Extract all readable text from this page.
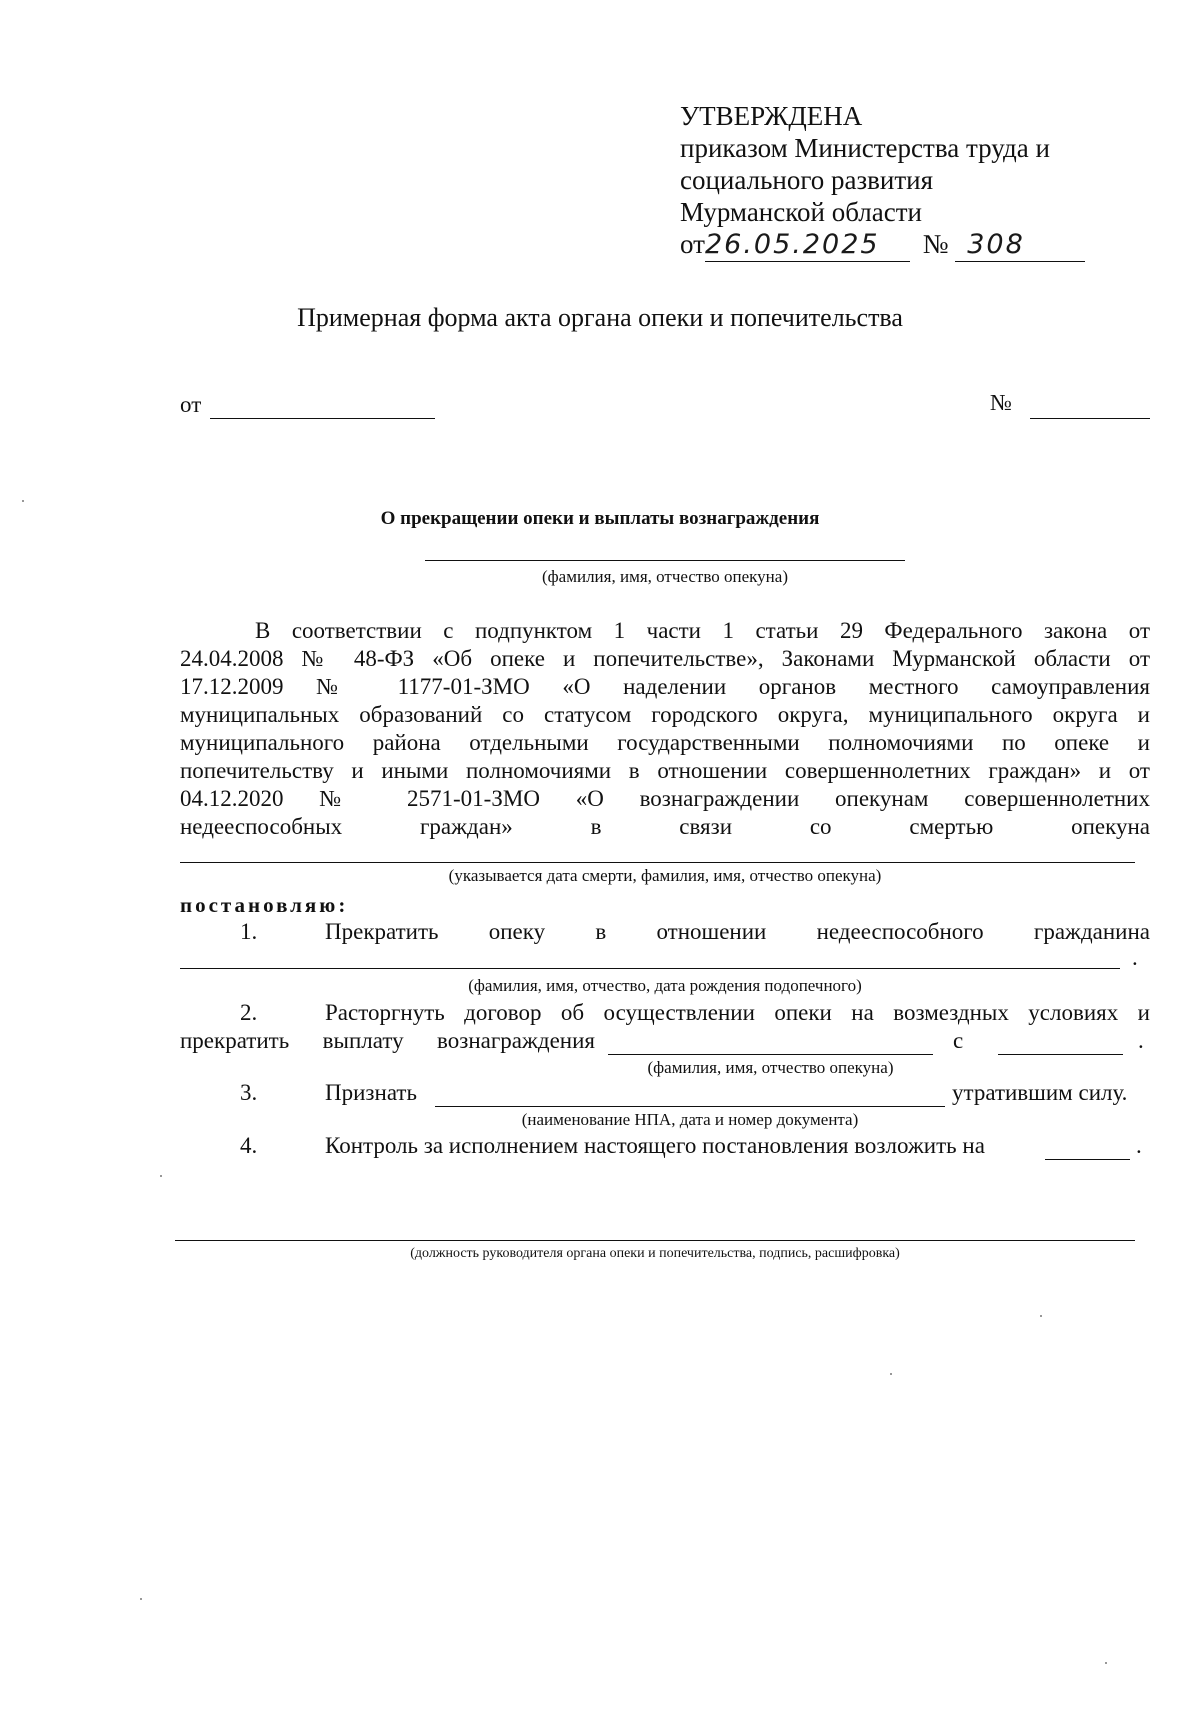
УТВЕРЖДЕНА
приказом Министерства труда и
социального развития
Мурманской области
от26.05.2025 № 308
Примерная форма акта органа опеки и попечительства
от	№
О прекращении опеки и выплаты вознаграждения
(фамилия, имя, отчество опекуна)
В соответствии с подпунктом 1 части 1 статьи 29 Федерального закона от
24.04.2008 № 48-ФЗ «Об опеке и попечительстве», Законами Мурманской области от
17.12.2009 № 1177-01-ЗМО «О наделении органов местного самоуправления
муниципальных образований со статусом городского округа, муниципального округа и
муниципального района отдельными государственными полномочиями по опеке и
попечительству и иными полномочиями в отношении совершеннолетних граждан» и от
04.12.2020 № 2571-01-ЗМО «О вознаграждении опекунам совершеннолетних
недееспособных граждан» в связи со смертью опекуна
(указывается дата смерти, фамилия, имя, отчество опекуна)
постановляю:
1.	Прекратить опеку в отношении недееспособного гражданина
.
(фамилия, имя, отчество, дата рождения подопечного)
2.	Расторгнуть договор об осуществлении опеки на возмездных условиях и
прекратить выплату вознаграждения	с	.
(фамилия, имя, отчество опекуна)
3.	Признать	утратившим силу.
(наименование НПА, дата и номер документа)
4.	Контроль за исполнением настоящего постановления возложить на	.
(должность руководителя органа опеки и попечительства, подпись, расшифровка)
